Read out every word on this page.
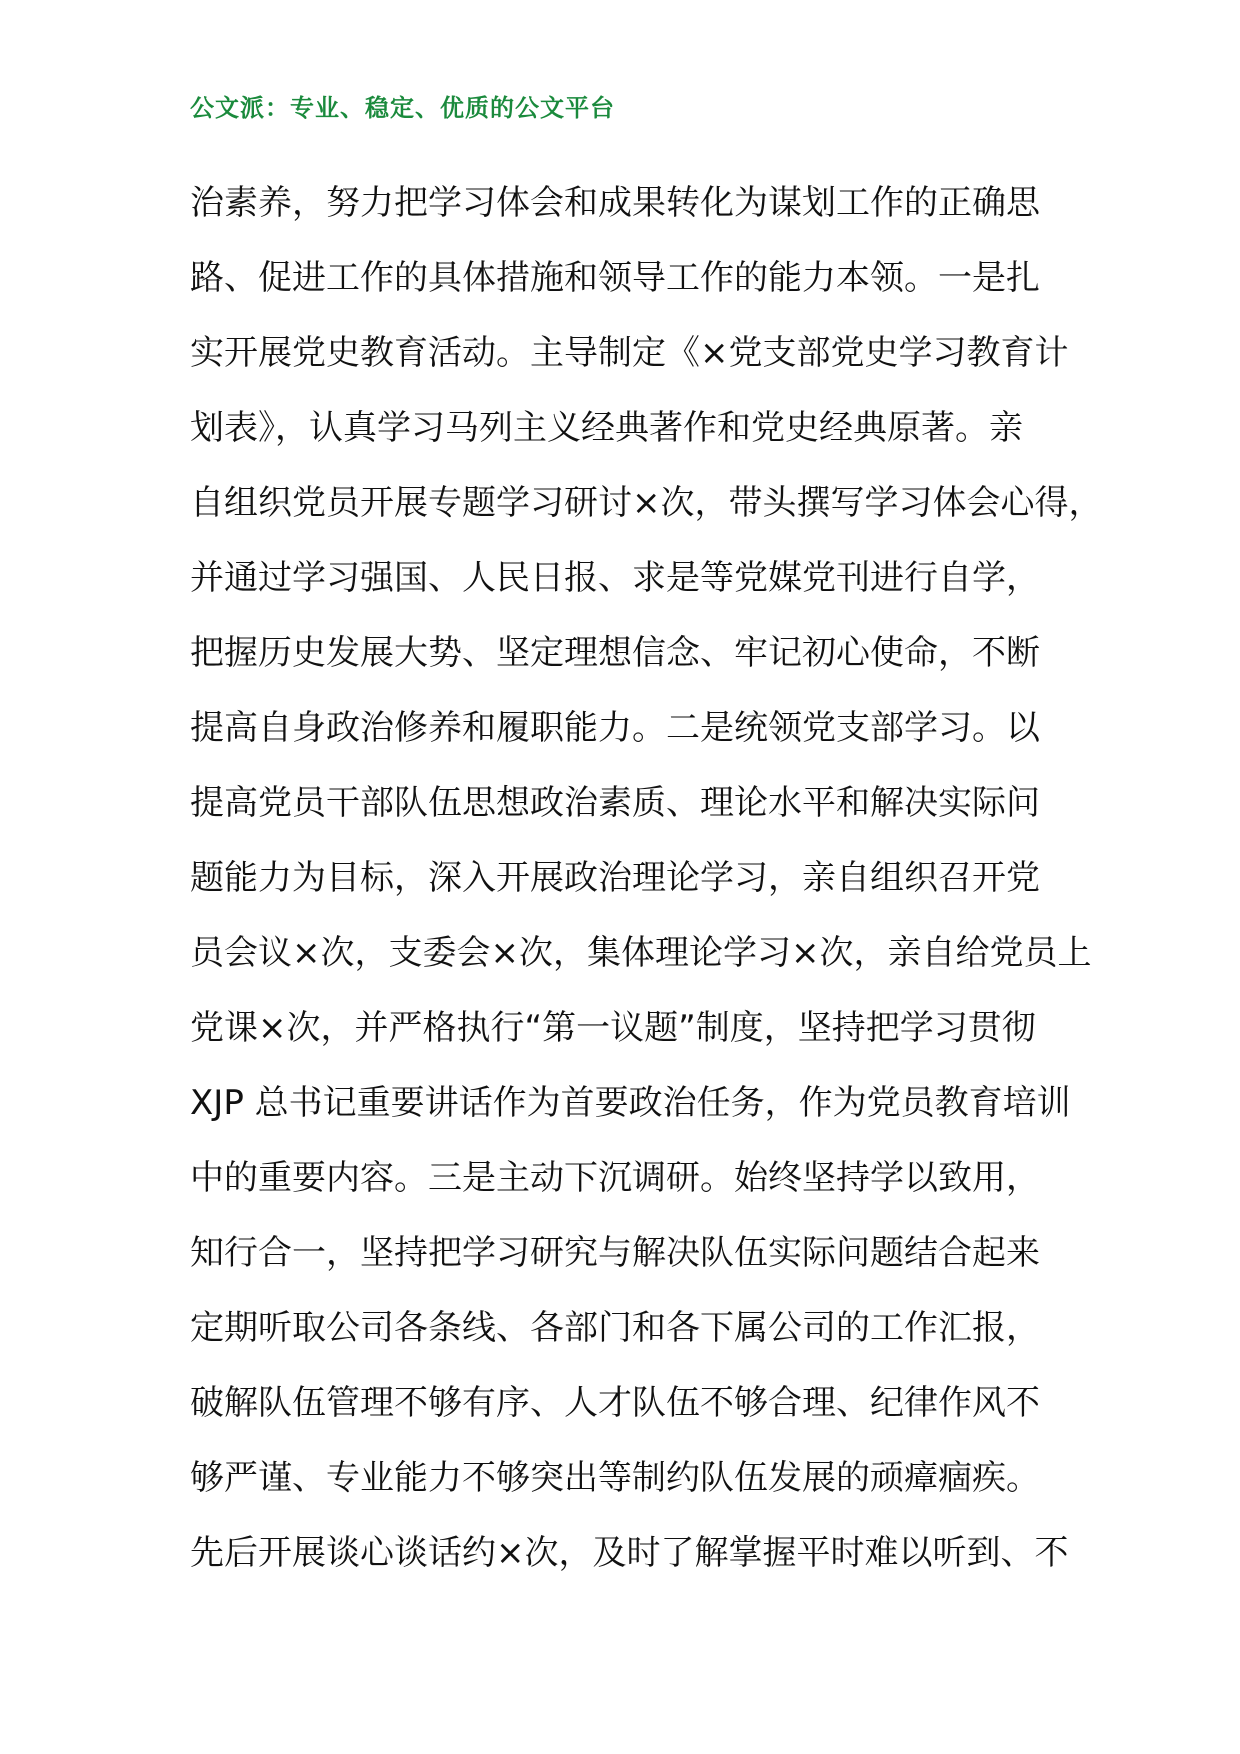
公文派：专业、稳定、优质的公文平台
治素养，努力把学习体会和成果转化为谋划工作的正确思
路、促进工作的具体措施和领导工作的能力本领。一是扎
实开展党史教育活动。主导制定《×党支部党史学习教育计
划表》，认真学习马列主义经典著作和党史经典原著。亲
自组织党员开展专题学习研讨×次，带头撰写学习体会心得，
并通过学习强国、人民日报、求是等党媒党刊进行自学，
把握历史发展大势、坚定理想信念、牢记初心使命，不断
提高自身政治修养和履职能力。二是统领党支部学习。以
提高党员干部队伍思想政治素质、理论水平和解决实际问
题能力为目标，深入开展政治理论学习，亲自组织召开党
员会议×次，支委会×次，集体理论学习×次，亲自给党员上
党课×次，并严格执行“第一议题”制度，坚持把学习贯彻
XJP 总书记重要讲话作为首要政治任务，作为党员教育培训
中的重要内容。三是主动下沉调研。始终坚持学以致用，
知行合一，坚持把学习研究与解决队伍实际问题结合起来
定期听取公司各条线、各部门和各下属公司的工作汇报，
破解队伍管理不够有序、人才队伍不够合理、纪律作风不
够严谨、专业能力不够突出等制约队伍发展的顽瘴痼疾。
先后开展谈心谈话约×次，及时了解掌握平时难以听到、不
